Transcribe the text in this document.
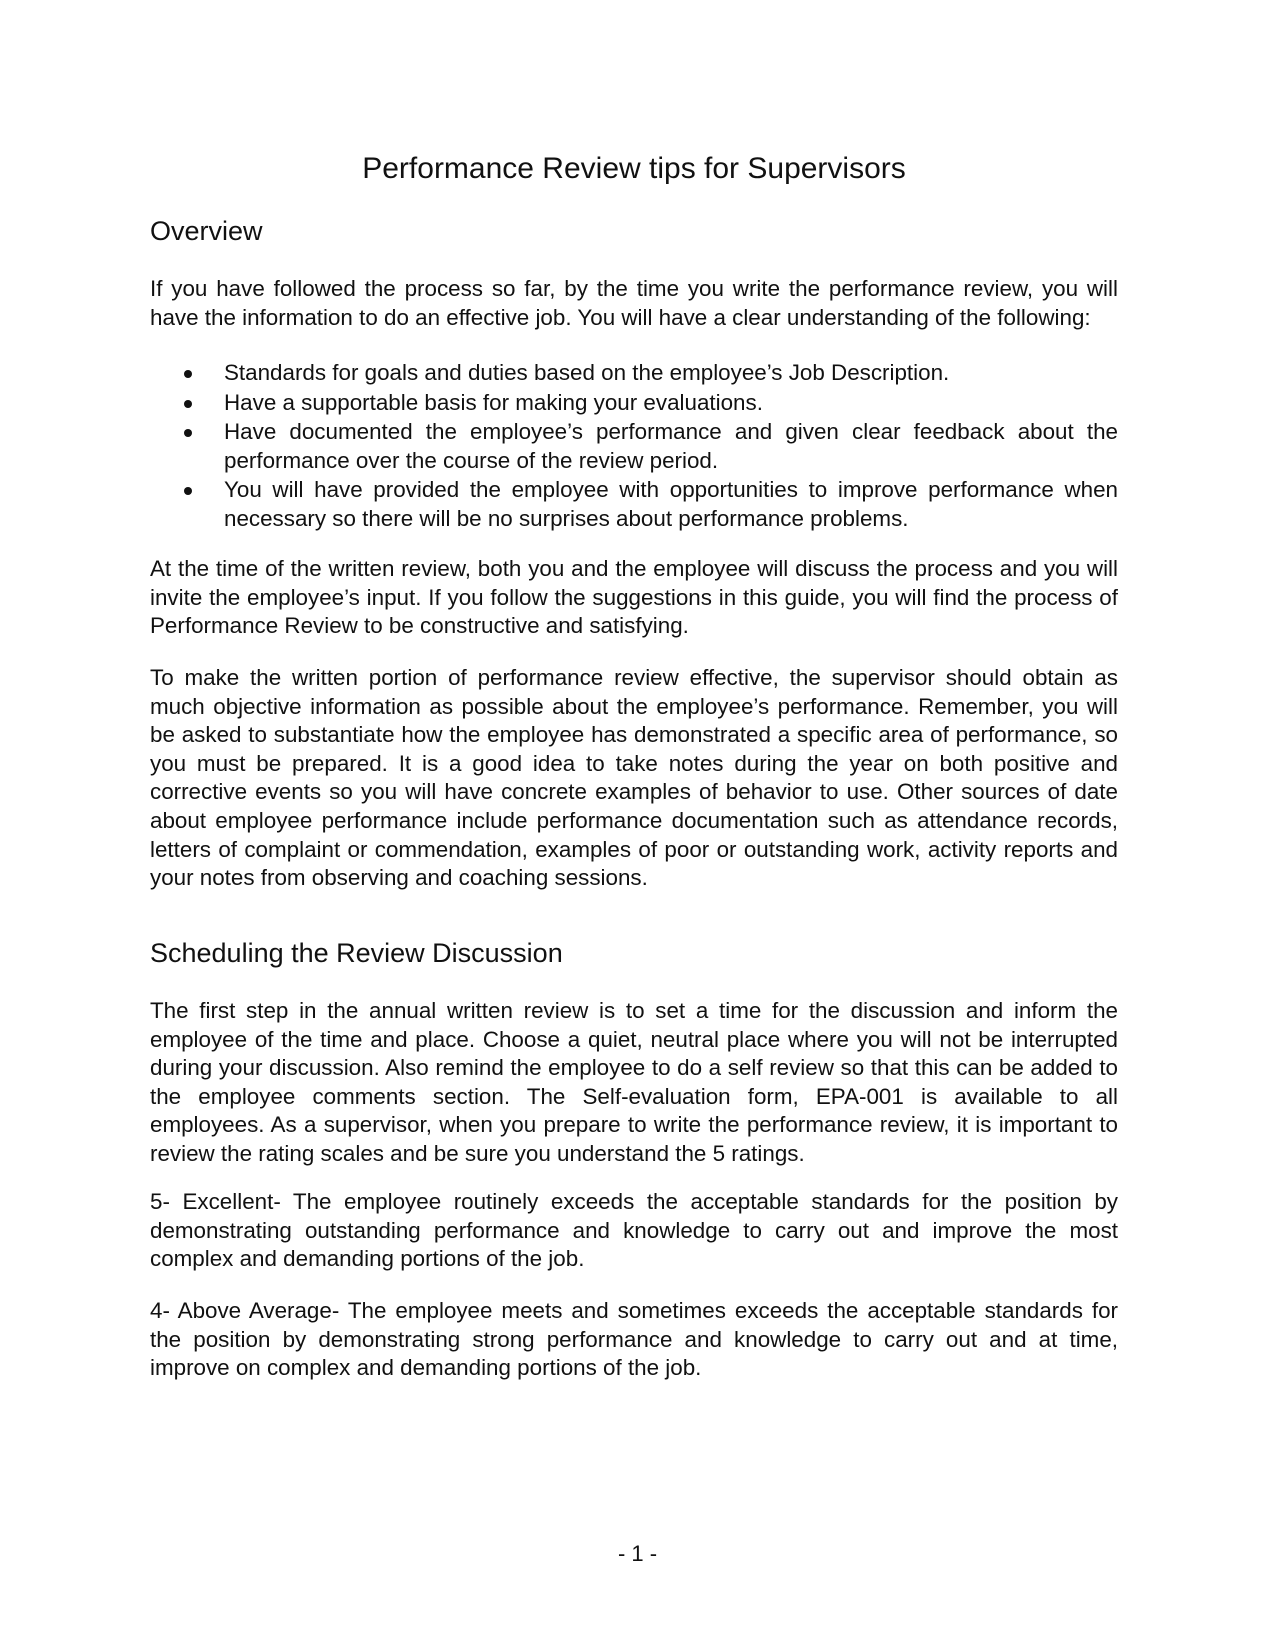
Performance Review tips for Supervisors
Overview

If you have followed the process so far, by the time you write the performance review, you will have the information to do an effective job. You will have a clear understanding of the following:

Standards for goals and duties based on the employee’s Job Description.
Have a supportable basis for making your evaluations.
Have documented the employee’s performance and given clear feedback about the performance over the course of the review period.
You will have provided the employee with opportunities to improve performance when necessary so there will be no surprises about performance problems.

At the time of the written review, both you and the employee will discuss the process and you will invite the employee’s input. If you follow the suggestions in this guide, you will find the process of Performance Review to be constructive and satisfying.

To make the written portion of performance review effective, the supervisor should obtain as much objective information as possible about the employee’s performance. Remember, you will be asked to substantiate how the employee has demonstrated a specific area of performance, so you must be prepared. It is a good idea to take notes during the year on both positive and corrective events so you will have concrete examples of behavior to use. Other sources of date about employee performance include performance documentation such as attendance records, letters of complaint or commendation, examples of poor or outstanding work, activity reports and your notes from observing and coaching sessions.

Scheduling the Review Discussion

The first step in the annual written review is to set a time for the discussion and inform the employee of the time and place. Choose a quiet, neutral place where you will not be interrupted during your discussion. Also remind the employee to do a self review so that this can be added to the employee comments section. The Self-evaluation form, EPA-001 is available to all employees. As a supervisor, when you prepare to write the performance review, it is important to review the rating scales and be sure you understand the 5 ratings.

5- Excellent- The employee routinely exceeds the acceptable standards for the position by demonstrating outstanding performance and knowledge to carry out and improve the most complex and demanding portions of the job.

4- Above Average- The employee meets and sometimes exceeds the acceptable standards for the position by demonstrating strong performance and knowledge to carry out and at time, improve on complex and demanding portions of the job.

- 1 -
